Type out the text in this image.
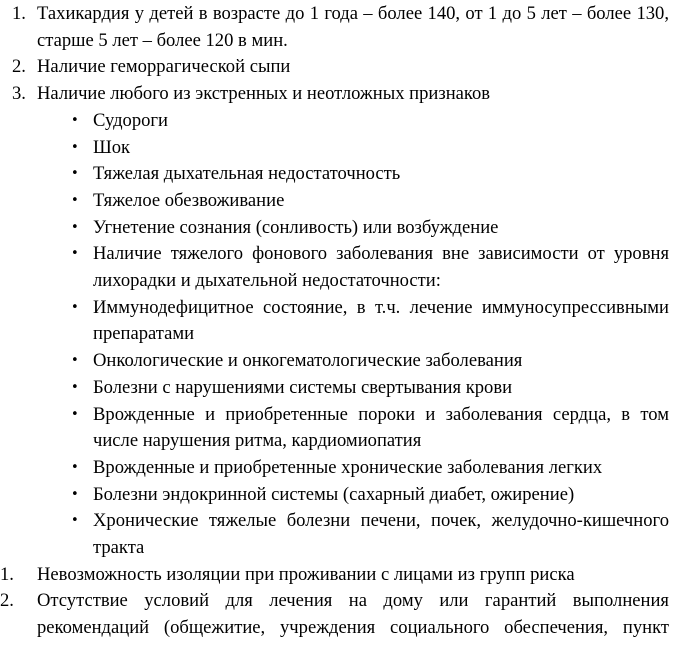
1. Тахикардия у детей в возрасте до 1 года – более 140, от 1 до 5 лет – более 130, старше 5 лет – более 120 в мин.
2. Наличие геморрагической сыпи
3. Наличие любого из экстренных и неотложных признаков
• Судороги
• Шок
• Тяжелая дыхательная недостаточность
• Тяжелое обезвоживание
• Угнетение сознания (сонливость) или возбуждение
• Наличие тяжелого фонового заболевания вне зависимости от уровня лихорадки и дыхательной недостаточности:
• Иммунодефицитное состояние, в т.ч. лечение иммуносупрессивными препаратами
• Онкологические и онкогематологические заболевания
• Болезни с нарушениями системы свертывания крови
• Врожденные и приобретенные пороки и заболевания сердца, в том числе нарушения ритма, кардиомиопатия
• Врожденные и приобретенные хронические заболевания легких
• Болезни эндокринной системы (сахарный диабет, ожирение)
• Хронические тяжелые болезни печени, почек, желудочно-кишечного тракта
1. Невозможность изоляции при проживании с лицами из групп риска
2. Отсутствие условий для лечения на дому или гарантий выполнения рекомендаций (общежитие, учреждения социального обеспечения, пункт
